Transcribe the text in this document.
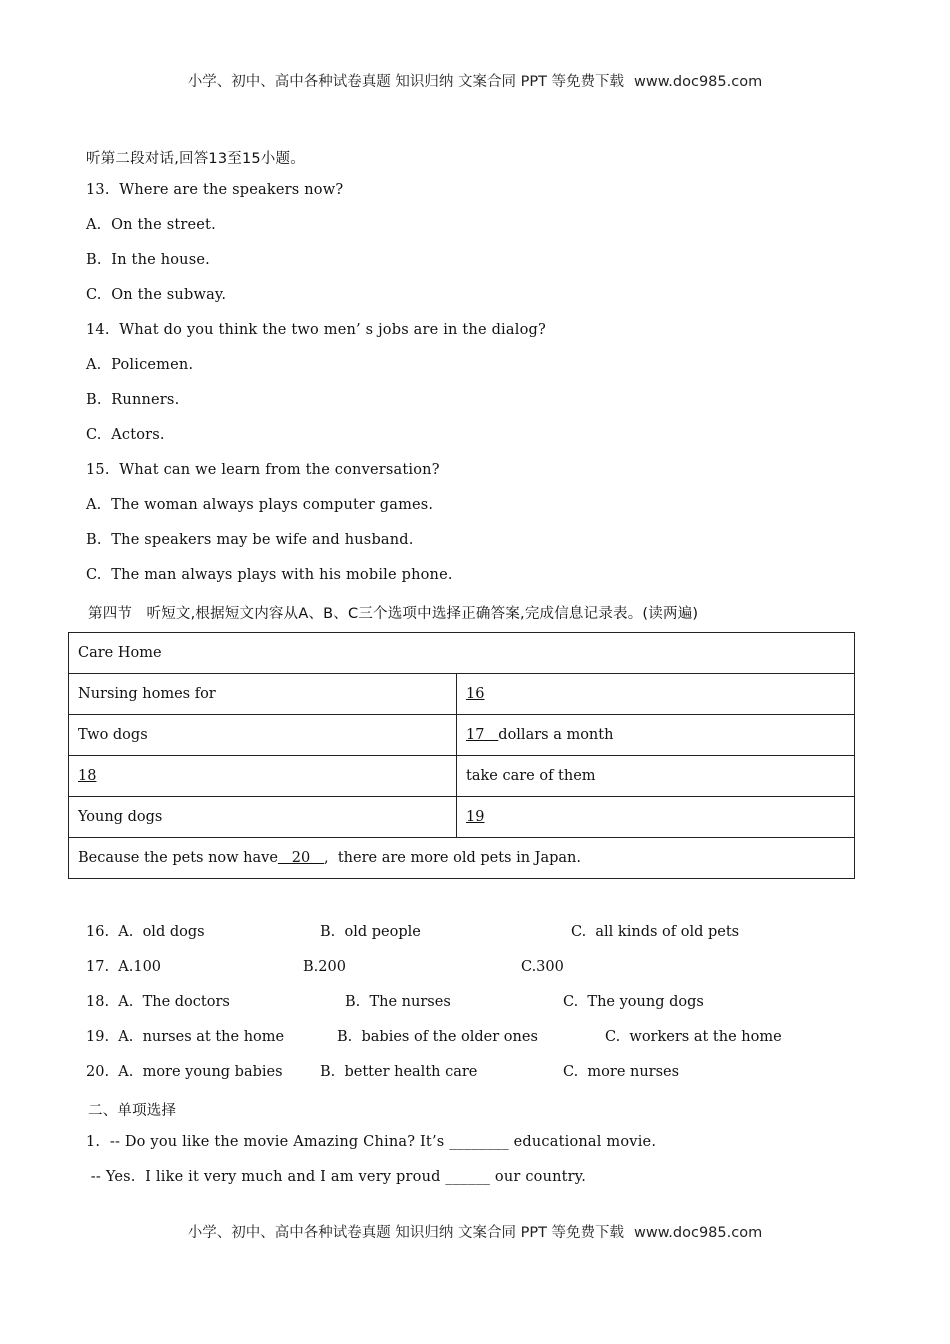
小学、初中、高中各种试卷真题 知识归纳 文案合同 PPT 等免费下载 www.doc985.com
听第二段对话,回答13至15小题。
13.  Where are the speakers now?
A.  On the street.
B.  In the house.
C.  On the subway.
14.  What do you think the two men’ s jobs are in the dialog?
A.  Policemen.
B.  Runners.
C.  Actors.
15.  What can we learn from the conversation?
A.  The woman always plays computer games.
B.  The speakers may be wife and husband.
C.  The man always plays with his mobile phone.
第四节   听短文,根据短文内容从A、B、C三个选项中选择正确答案,完成信息记录表。(读两遍)
Care Home	
Nursing homes for	16
Two dogs	17   dollars a month
18	take care of them
Young dogs	19
Because the pets now have   20   ,  there are more old pets in Japan.	
16.  A.  old dogs	B.  old people	C.  all kinds of old pets
17.  A.100	B.200	C.300
18.  A.  The doctors	B.  The nurses	C.  The young dogs
19.  A.  nurses at the home	B.  babies of the older ones	C.  workers at the home
20.  A.  more young babies	B.  better health care	C.  more nurses
二、单项选择
1.  -- Do you like the movie Amazing China? It’s ________ educational movie.
-- Yes.  I like it very much and I am very proud ______ our country.
小学、初中、高中各种试卷真题 知识归纳 文案合同 PPT 等免费下载 www.doc985.com
